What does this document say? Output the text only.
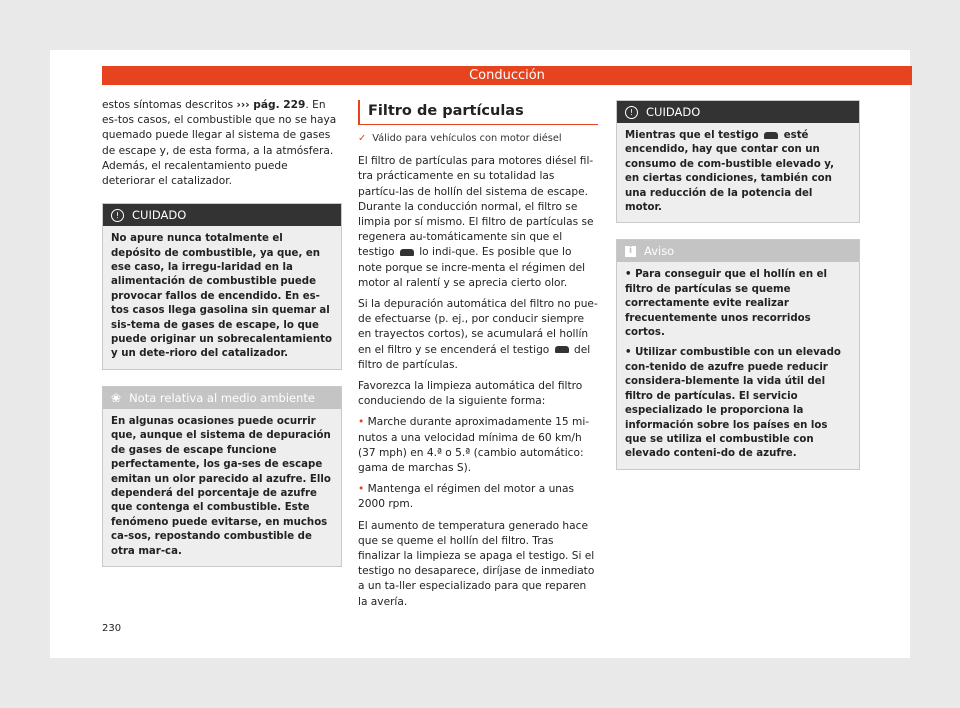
Conducción

estos síntomas descritos ››› pág. 229. En es-tos casos, el combustible que no se haya quemado puede llegar al sistema de gases de escape y, de esta forma, a la atmósfera. Además, el recalentamiento puede deteriorar el catalizador.

!	CUIDADO
No apure nunca totalmente el depósito de combustible, ya que, en ese caso, la irregu-laridad en la alimentación de combustible puede provocar fallos de encendido. En es-tos casos llega gasolina sin quemar al sis-tema de gases de escape, lo que puede originar un sobrecalentamiento y un dete-rioro del catalizador.
❀ Nota relativa al medio ambiente
En algunas ocasiones puede ocurrir que, aunque el sistema de depuración de gases de escape funcione perfectamente, los ga-ses de escape emitan un olor parecido al azufre. Ello dependerá del porcentaje de azufre que contenga el combustible. Este fenómeno puede evitarse, en muchos ca-sos, repostando combustible de otra mar-ca.
Filtro de partículas
✓ Válido para vehículos con motor diésel

El filtro de partículas para motores diésel fil-tra prácticamente en su totalidad las partícu-las de hollín del sistema de escape. Durante la conducción normal, el filtro se limpia por sí mismo. El filtro de partículas se regenera au-tomáticamente sin que el testigo  lo indi-que. Es posible que lo note porque se incre-menta el régimen del motor al ralentí y se aprecia cierto olor.

Si la depuración automática del filtro no pue-de efectuarse (p. ej., por conducir siempre en trayectos cortos), se acumulará el hollín en el filtro y se encenderá el testigo  del filtro de partículas.

Favorezca la limpieza automática del filtro conduciendo de la siguiente forma:

• Marche durante aproximadamente 15 mi-nutos a una velocidad mínima de 60 km/h (37 mph) en 4.ª o 5.ª (cambio automático: gama de marchas S).

• Mantenga el régimen del motor a unas 2000 rpm.

El aumento de temperatura generado hace que se queme el hollín del filtro. Tras finalizar la limpieza se apaga el testigo. Si el testigo no desaparece, diríjase de inmediato a un ta-ller especializado para que reparen la avería.

!	CUIDADO
Mientras que el testigo  esté encendido, hay que contar con un consumo de com-bustible elevado y, en ciertas condiciones, también con una reducción de la potencia del motor.
i	Aviso

• Para conseguir que el hollín en el filtro de partículas se queme correctamente evite realizar frecuentemente unos recorridos cortos.

• Utilizar combustible con un elevado con-tenido de azufre puede reducir considera-blemente la vida útil del filtro de partículas. El servicio especializado le proporciona la información sobre los países en los que se utiliza el combustible con elevado conteni-do de azufre.

230
